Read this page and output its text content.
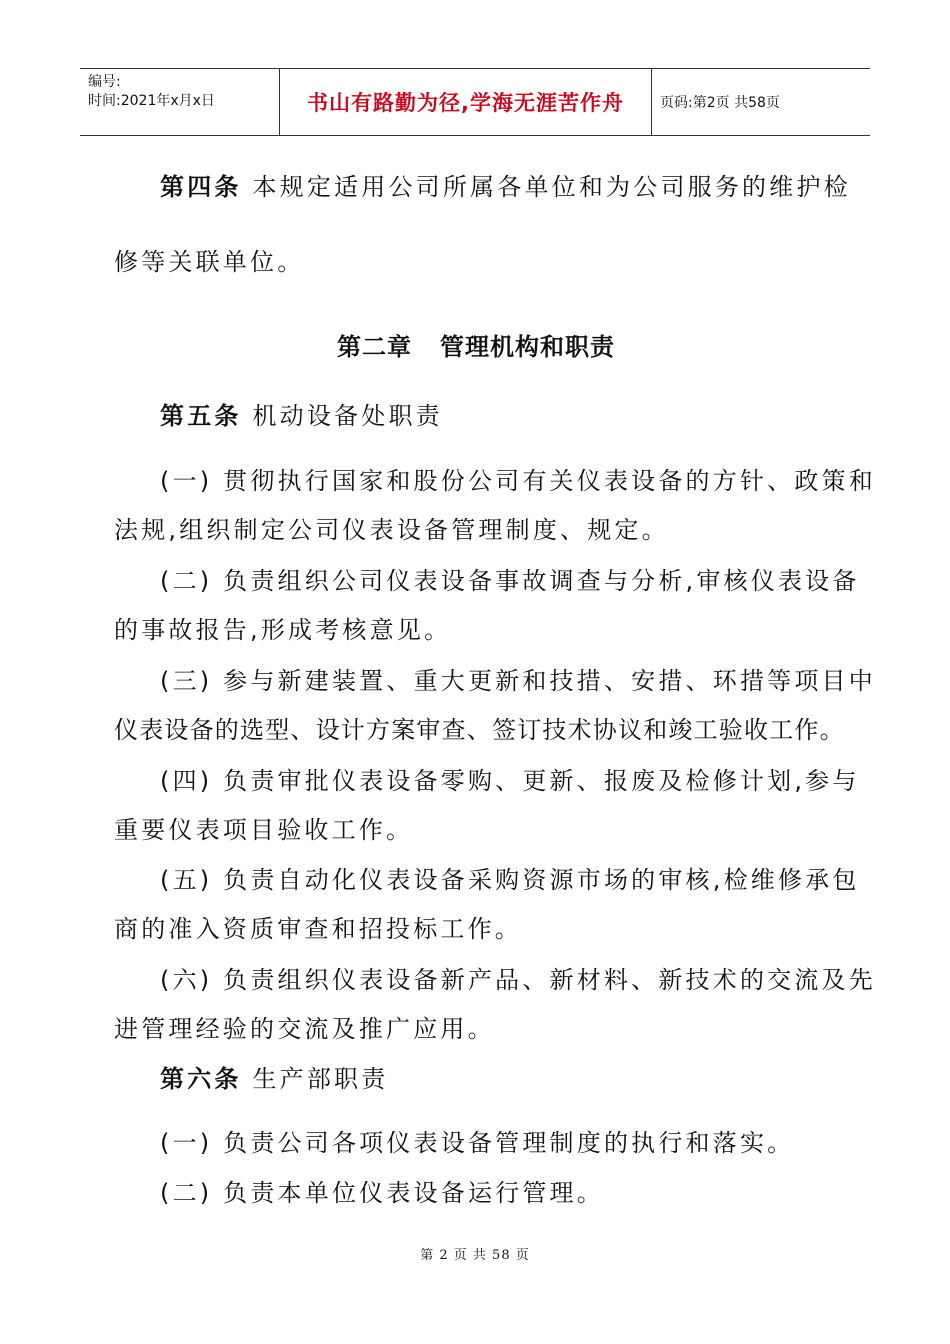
编号:
时间:2021年x月x日	书山有路勤为径,学海无涯苦作舟	页码:第2页 共58页
第四条 本规定适用公司所属各单位和为公司服务的维护检
修等关联单位。
第二章 管理机构和职责
第五条 机动设备处职责
(一) 贯彻执行国家和股份公司有关仪表设备的方针、政策和
法规,组织制定公司仪表设备管理制度、规定。
(二) 负责组织公司仪表设备事故调查与分析,审核仪表设备
的事故报告,形成考核意见。
(三) 参与新建装置、重大更新和技措、安措、环措等项目中
仪表设备的选型、设计方案审查、签订技术协议和竣工验收工作。
(四) 负责审批仪表设备零购、更新、报废及检修计划,参与
重要仪表项目验收工作。
(五) 负责自动化仪表设备采购资源市场的审核,检维修承包
商的准入资质审查和招投标工作。
(六) 负责组织仪表设备新产品、新材料、新技术的交流及先
进管理经验的交流及推广应用。
第六条 生产部职责
(一) 负责公司各项仪表设备管理制度的执行和落实。
(二) 负责本单位仪表设备运行管理。
第 2 页 共 58 页
